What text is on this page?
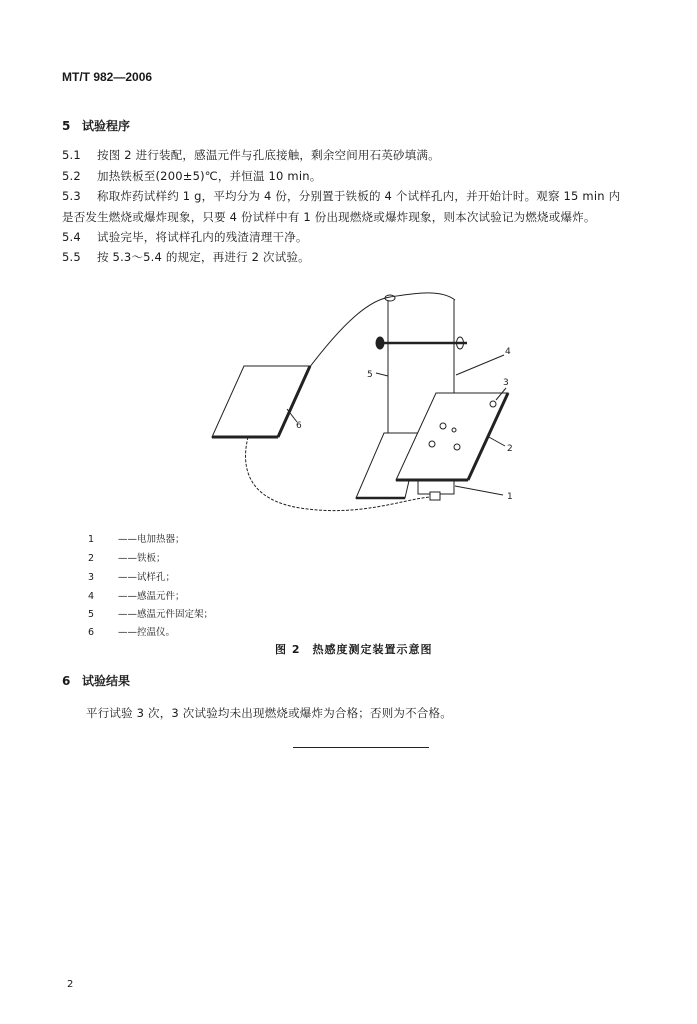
MT/T 982—2006
5 试验程序
5.1 按图 2 进行装配，感温元件与孔底接触，剩余空间用石英砂填满。
5.2 加热铁板至(200±5)℃，并恒温 10 min。
5.3 称取炸药试样约 1 g，平均分为 4 份，分别置于铁板的 4 个试样孔内，并开始计时。观察 15 min 内
是否发生燃烧或爆炸现象，只要 4 份试样中有 1 份出现燃烧或爆炸现象，则本次试验记为燃烧或爆炸。
5.4 试验完毕，将试样孔内的残渣清理干净。
5.5 按 5.3～5.4 的规定，再进行 2 次试验。
1
2
3
4
5
6
1	——电加热器；
2	——铁板；
3	——试样孔；
4	——感温元件；
5	——感温元件固定架；
6	——控温仪。
图 2　热感度测定装置示意图
6 试验结果
平行试验 3 次，3 次试验均未出现燃烧或爆炸为合格；否则为不合格。
2
